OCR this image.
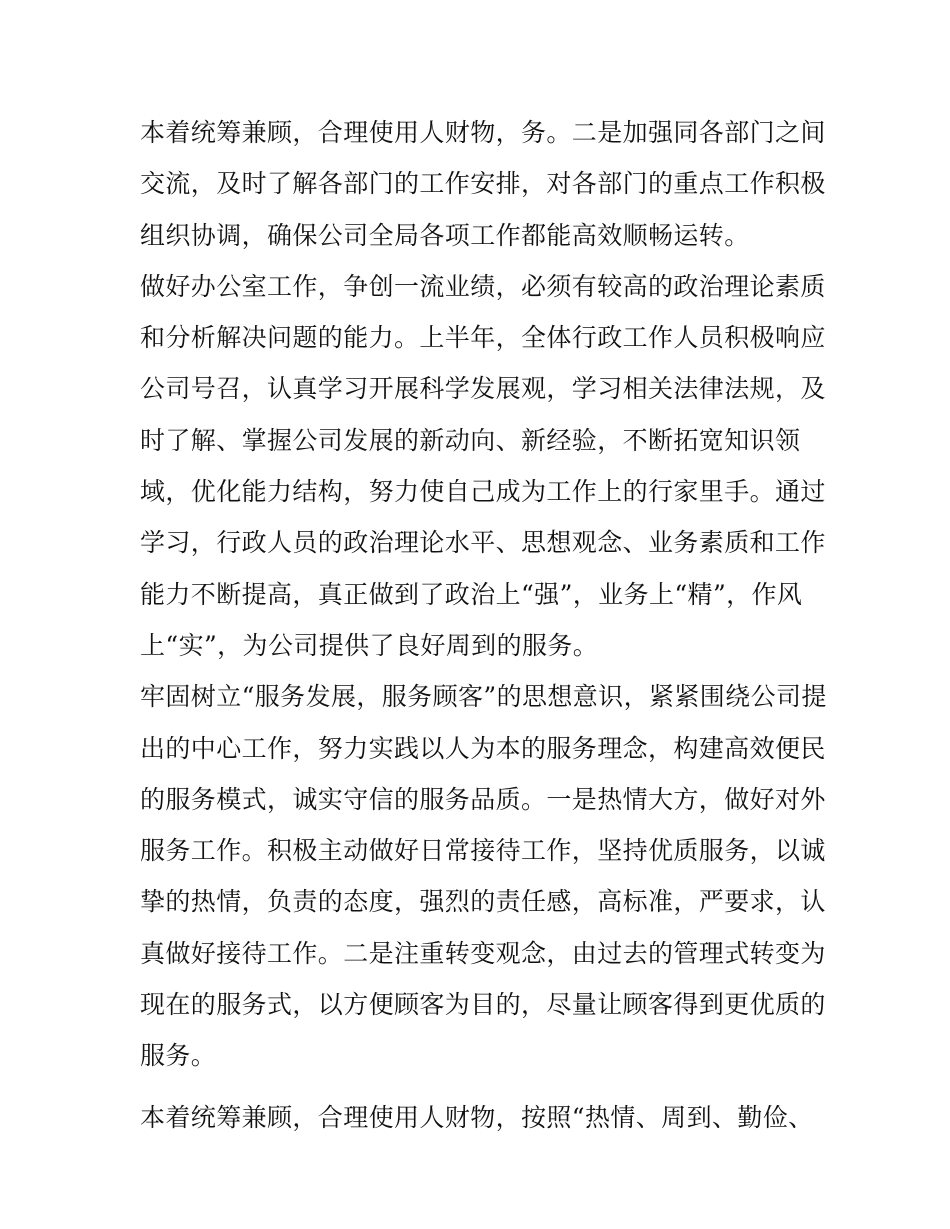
本着统筹兼顾，合理使用人财物，务。二是加强同各部门之间
交流，及时了解各部门的工作安排，对各部门的重点工作积极
组织协调，确保公司全局各项工作都能高效顺畅运转。
做好办公室工作，争创一流业绩，必须有较高的政治理论素质
和分析解决问题的能力。上半年，全体行政工作人员积极响应
公司号召，认真学习开展科学发展观，学习相关法律法规，及
时了解、掌握公司发展的新动向、新经验，不断拓宽知识领
域，优化能力结构，努力使自己成为工作上的行家里手。通过
学习，行政人员的政治理论水平、思想观念、业务素质和工作
能力不断提高，真正做到了政治上“强”，业务上“精”，作风
上“实”，为公司提供了良好周到的服务。
牢固树立“服务发展，服务顾客”的思想意识，紧紧围绕公司提
出的中心工作，努力实践以人为本的服务理念，构建高效便民
的服务模式，诚实守信的服务品质。一是热情大方，做好对外
服务工作。积极主动做好日常接待工作，坚持优质服务，以诚
挚的热情，负责的态度，强烈的责任感，高标准，严要求，认
真做好接待工作。二是注重转变观念，由过去的管理式转变为
现在的服务式，以方便顾客为目的，尽量让顾客得到更优质的
服务。
本着统筹兼顾，合理使用人财物，按照“热情、周到、勤俭、
